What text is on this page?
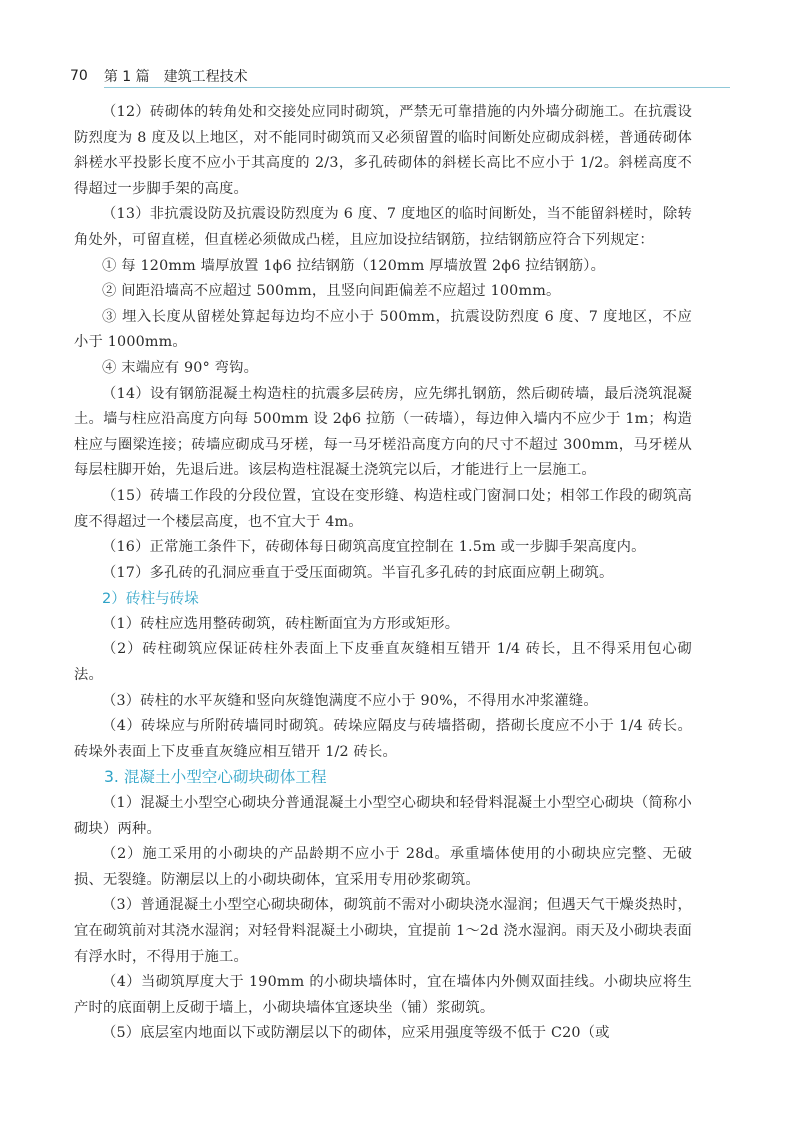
70 第 1 篇 建筑工程技术

（12）砖砌体的转角处和交接处应同时砌筑，严禁无可靠措施的内外墙分砌施工。在抗震设防烈度为 8 度及以上地区，对不能同时砌筑而又必须留置的临时间断处应砌成斜槎，普通砖砌体斜槎水平投影长度不应小于其高度的 2/3，多孔砖砌体的斜槎长高比不应小于 1/2。斜槎高度不得超过一步脚手架的高度。

（13）非抗震设防及抗震设防烈度为 6 度、7 度地区的临时间断处，当不能留斜槎时，除转角处外，可留直槎，但直槎必须做成凸槎，且应加设拉结钢筋，拉结钢筋应符合下列规定：

① 每 120mm 墙厚放置 1ϕ6 拉结钢筋（120mm 厚墙放置 2ϕ6 拉结钢筋）。

② 间距沿墙高不应超过 500mm，且竖向间距偏差不应超过 100mm。

③ 埋入长度从留槎处算起每边均不应小于 500mm，抗震设防烈度 6 度、7 度地区，不应小于 1000mm。

④ 末端应有 90° 弯钩。

（14）设有钢筋混凝土构造柱的抗震多层砖房，应先绑扎钢筋，然后砌砖墙，最后浇筑混凝土。墙与柱应沿高度方向每 500mm 设 2ϕ6 拉筋（一砖墙），每边伸入墙内不应少于 1m；构造柱应与圈梁连接；砖墙应砌成马牙槎，每一马牙槎沿高度方向的尺寸不超过 300mm，马牙槎从每层柱脚开始，先退后进。该层构造柱混凝土浇筑完以后，才能进行上一层施工。

（15）砖墙工作段的分段位置，宜设在变形缝、构造柱或门窗洞口处；相邻工作段的砌筑高度不得超过一个楼层高度，也不宜大于 4m。

（16）正常施工条件下，砖砌体每日砌筑高度宜控制在 1.5m 或一步脚手架高度内。

（17）多孔砖的孔洞应垂直于受压面砌筑。半盲孔多孔砖的封底面应朝上砌筑。

2）砖柱与砖垛

（1）砖柱应选用整砖砌筑，砖柱断面宜为方形或矩形。

（2）砖柱砌筑应保证砖柱外表面上下皮垂直灰缝相互错开 1/4 砖长，且不得采用包心砌法。

（3）砖柱的水平灰缝和竖向灰缝饱满度不应小于 90%，不得用水冲浆灌缝。

（4）砖垛应与所附砖墙同时砌筑。砖垛应隔皮与砖墙搭砌，搭砌长度应不小于 1/4 砖长。砖垛外表面上下皮垂直灰缝应相互错开 1/2 砖长。

3. 混凝土小型空心砌块砌体工程

（1）混凝土小型空心砌块分普通混凝土小型空心砌块和轻骨料混凝土小型空心砌块（简称小砌块）两种。

（2）施工采用的小砌块的产品龄期不应小于 28d。承重墙体使用的小砌块应完整、无破损、无裂缝。防潮层以上的小砌块砌体，宜采用专用砂浆砌筑。

（3）普通混凝土小型空心砌块砌体，砌筑前不需对小砌块浇水湿润；但遇天气干燥炎热时，宜在砌筑前对其浇水湿润；对轻骨料混凝土小砌块，宜提前 1～2d 浇水湿润。雨天及小砌块表面有浮水时，不得用于施工。

（4）当砌筑厚度大于 190mm 的小砌块墙体时，宜在墙体内外侧双面挂线。小砌块应将生产时的底面朝上反砌于墙上，小砌块墙体宜逐块坐（铺）浆砌筑。

（5）底层室内地面以下或防潮层以下的砌体，应采用强度等级不低于 C20（或
